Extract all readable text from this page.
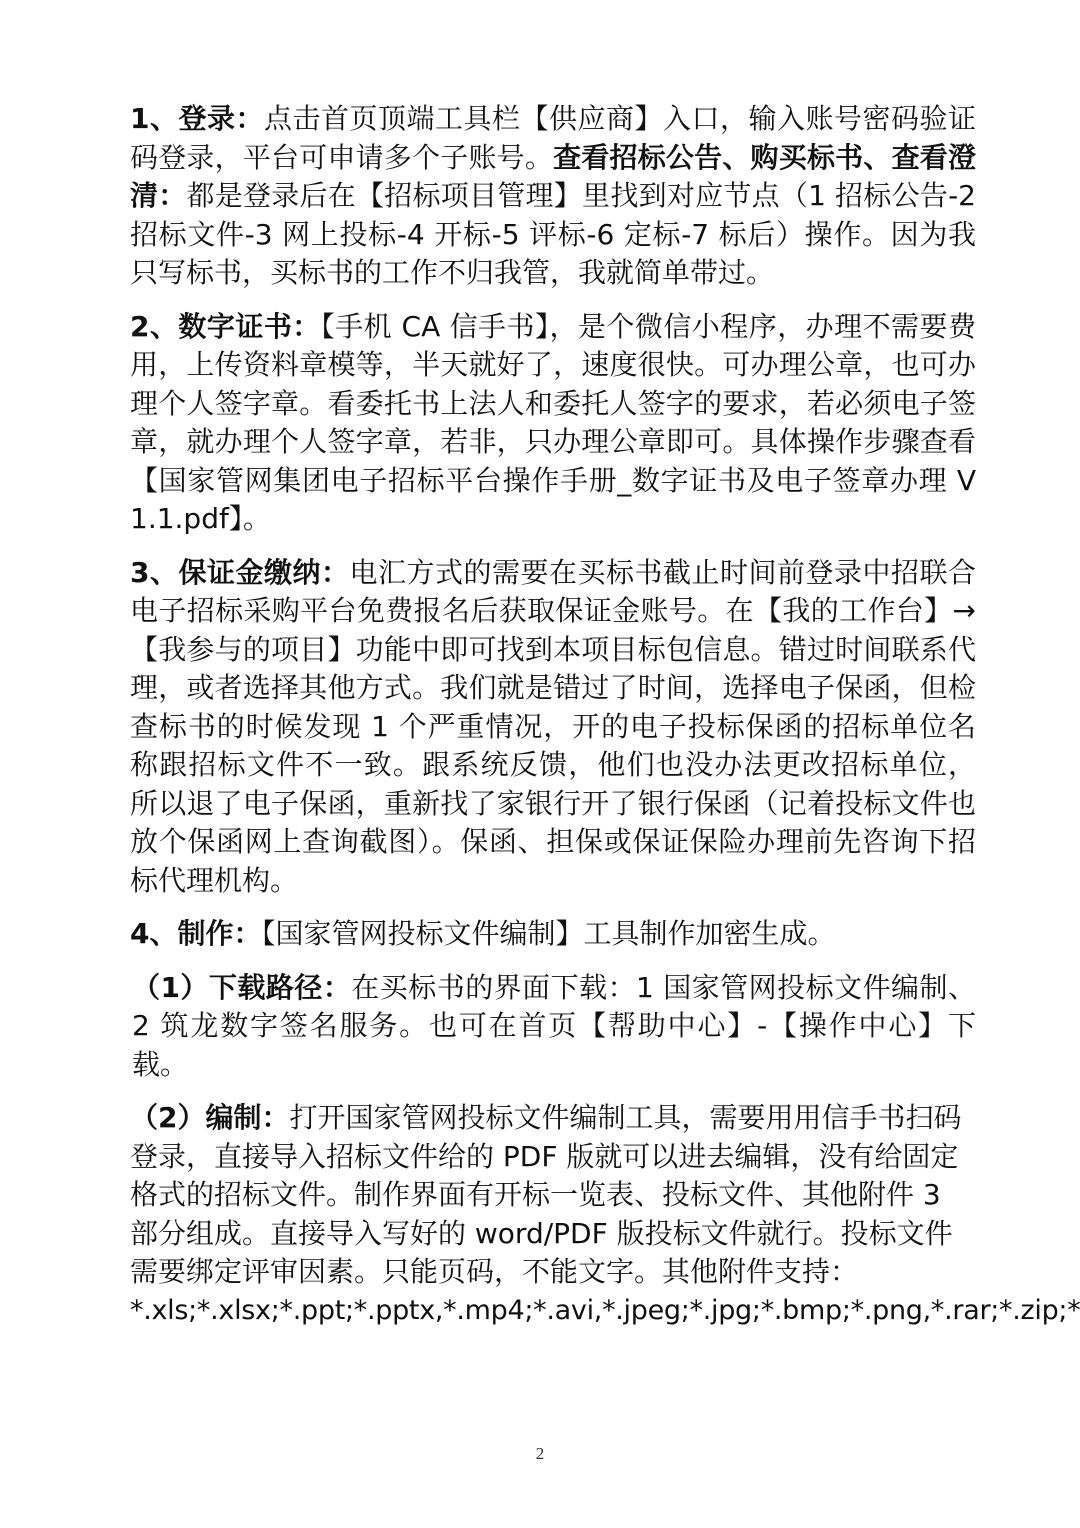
1、登录：点击首页顶端工具栏【供应商】入口，输入账号密码验证码登录，平台可申请多个子账号。查看招标公告、购买标书、查看澄清：都是登录后在【招标项目管理】里找到对应节点（1 招标公告-2 招标文件-3 网上投标-4 开标-5 评标-6 定标-7 标后）操作。因为我只写标书，买标书的工作不归我管，我就简单带过。

2、数字证书：【手机 CA 信手书】，是个微信小程序，办理不需要费用，上传资料章模等，半天就好了，速度很快。可办理公章，也可办理个人签字章。看委托书上法人和委托人签字的要求，若必须电子签章，就办理个人签字章，若非，只办理公章即可。具体操作步骤查看【国家管网集团电子招标平台操作手册_数字证书及电子签章办理 V1.1.pdf】。

3、保证金缴纳：电汇方式的需要在买标书截止时间前登录中招联合电子招标采购平台免费报名后获取保证金账号。在【我的工作台】→【我参与的项目】功能中即可找到本项目标包信息。错过时间联系代理，或者选择其他方式。我们就是错过了时间，选择电子保函，但检查标书的时候发现 1 个严重情况，开的电子投标保函的招标单位名称跟招标文件不一致。跟系统反馈，他们也没办法更改招标单位， 所以退了电子保函，重新找了家银行开了银行保函（记着投标文件也放个保函网上查询截图）。保函、担保或保证保险办理前先咨询下招标代理机构。

4、制作：【国家管网投标文件编制】工具制作加密生成。

（1）下载路径：在买标书的界面下载：1 国家管网投标文件编制、2 筑龙数字签名服务。也可在首页【帮助中心】-【操作中心】下载。

（2）编制：打开国家管网投标文件编制工具，需要用用信手书扫码登录，直接导入招标文件给的 PDF 版就可以进去编辑，没有给固定格式的招标文件。制作界面有开标一览表、投标文件、其他附件 3 部分组成。直接导入写好的 word/PDF 版投标文件就行。投标文件需要绑定评审因素。只能页码，不能文字。其他附件支持：
*.xls;*.xlsx;*.ppt;*.pptx,*.mp4;*.avi,*.jpeg;*.jpg;*.bmp;*.png,*.rar;*.zip;*

2
